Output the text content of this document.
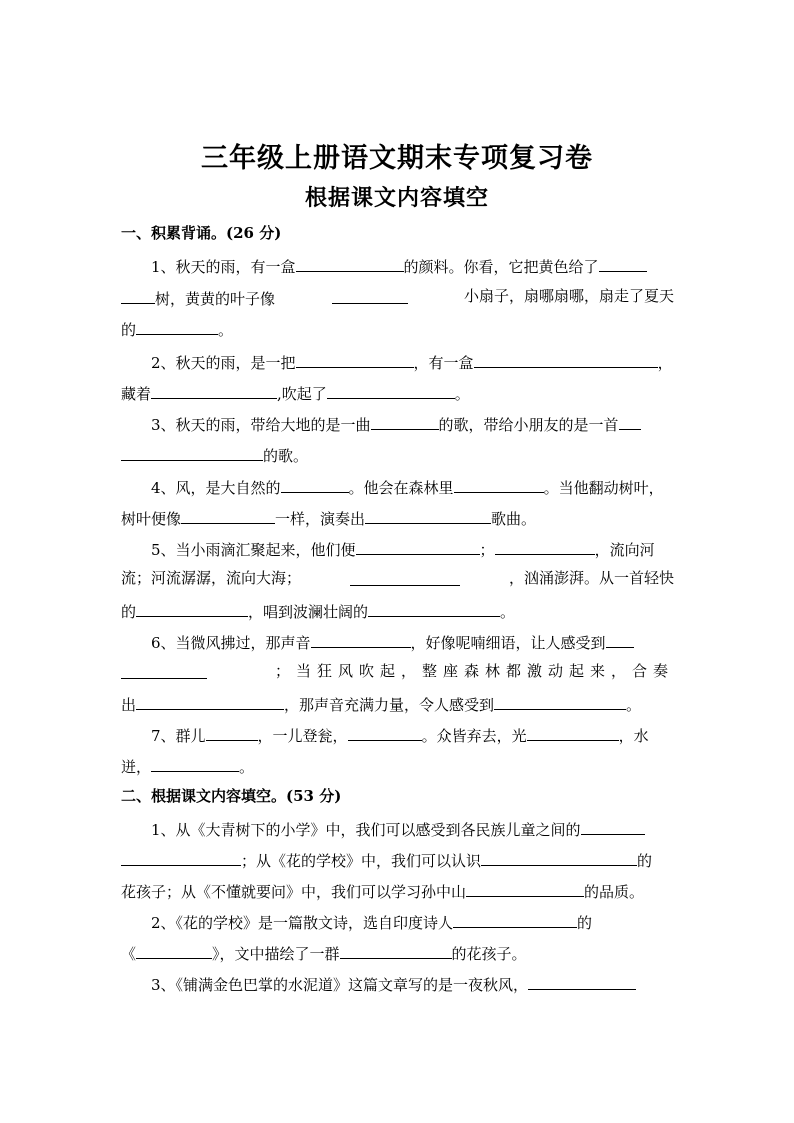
三年级上册语文期末专项复习卷
根据课文内容填空
一、积累背诵。(26 分)
1、秋天的雨，有一盒	的颜料。你看，它把黄色给了
树，黄黄的叶子像	小扇子，扇哪扇哪，扇走了夏天
的	。
2、秋天的雨，是一把	，有一盒	，
藏着	,吹起了	。
3、秋天的雨，带给大地的是一曲	的歌，带给小朋友的是一首
的歌。
4、风，是大自然的	。他会在森林里	。当他翻动树叶，
树叶便像	一样，演奏出	歌曲。
5、当小雨滴汇聚起来，他们便	；	，流向河
流；河流潺潺，流向大海；	，汹涌澎湃。从一首轻快
的	，唱到波澜壮阔的	。
6、当微风拂过，那声音	，好像呢喃细语，让人感受到
；当狂风吹起，整座森林都激动起来，合奏
出	，那声音充满力量，令人感受到	。
7、群儿	，一儿登瓮，	。众皆弃去，光	，水
迸，	。
二、根据课文内容填空。(53 分)
1、从《大青树下的小学》中，我们可以感受到各民族儿童之间的
；从《花的学校》中，我们可以认识	的
花孩子；从《不懂就要问》中，我们可以学习孙中山	的品质。
2、《花的学校》是一篇散文诗，选自印度诗人	的
《	》，文中描绘了一群	的花孩子。
3、《铺满金色巴掌的水泥道》这篇文章写的是一夜秋风，
